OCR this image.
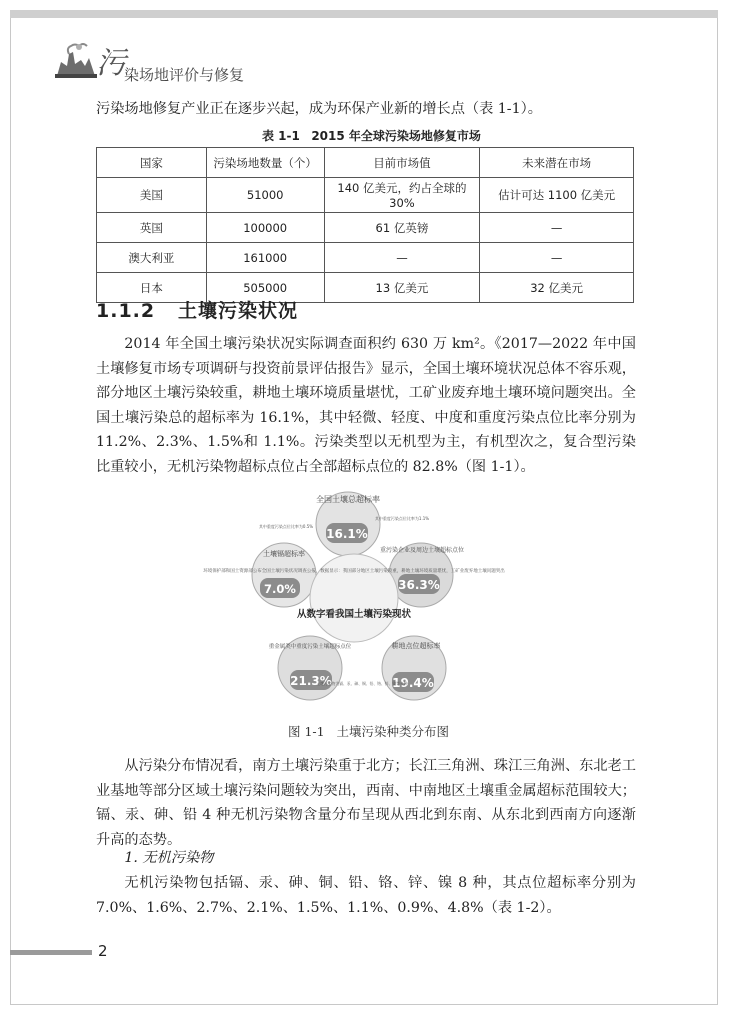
污
染场地评价与修复

污染场地修复产业正在逐步兴起，成为环保产业新的增长点（表 1-1）。

表 1-1 2015 年全球污染场地修复市场
国家	污染场地数量（个）	目前市场值	未来潜在市场
美国	51000	140 亿美元，约占全球的 30%	估计可达 1100 亿美元
英国	100000	61 亿英镑	—
澳大利亚	161000	—	—
日本	505000	13 亿美元	32 亿美元
1.1.2 土壤污染状况

2014 年全国土壤污染状况实际调查面积约 630 万 km²。《2017—2022 年中国土壤修复市场专项调研与投资前景评估报告》显示，全国土壤环境状况总体不容乐观，部分地区土壤污染较重，耕地土壤环境质量堪忧，工矿业废弃地土壤环境问题突出。全国土壤污染总的超标率为 16.1%，其中轻微、轻度、中度和重度污染点位比率分别为 11.2%、2.3%、1.5%和 1.1%。污染类型以无机型为主，有机型次之，复合型污染比重较小，无机污染物超标点位占全部超标点位的 82.8%（图 1-1）。

环境保护部和国土资源部公布全国土壤污染状况调查公报，数据显示：我国部分地区土壤污染较重，耕地土壤环境质量堪忧，工矿业废弃地土壤问题突出
从数字看我国土壤污染现状
16.1%
36.3%
19.4%
21.3%
7.0%
全国土壤总超标率
重污染企业及周边土壤超标点位
耕地点位超标率
重金属类中重度污染土壤超标点位
土壤镉超标率
其中重度污染点位比率为0.5%
其中重度污染点位比率为1.1%
土壤污染物为镉、汞、砷、铜、铅、铬、锌、镍等多种
图 1-1 土壤污染种类分布图

从污染分布情况看，南方土壤污染重于北方；长江三角洲、珠江三角洲、东北老工业基地等部分区域土壤污染问题较为突出，西南、中南地区土壤重金属超标范围较大；镉、汞、砷、铅 4 种无机污染物含量分布呈现从西北到东南、从东北到西南方向逐渐升高的态势。

1. 无机污染物

无机污染物包括镉、汞、砷、铜、铅、铬、锌、镍 8 种，其点位超标率分别为 7.0%、1.6%、2.7%、2.1%、1.5%、1.1%、0.9%、4.8%（表 1-2）。

2
